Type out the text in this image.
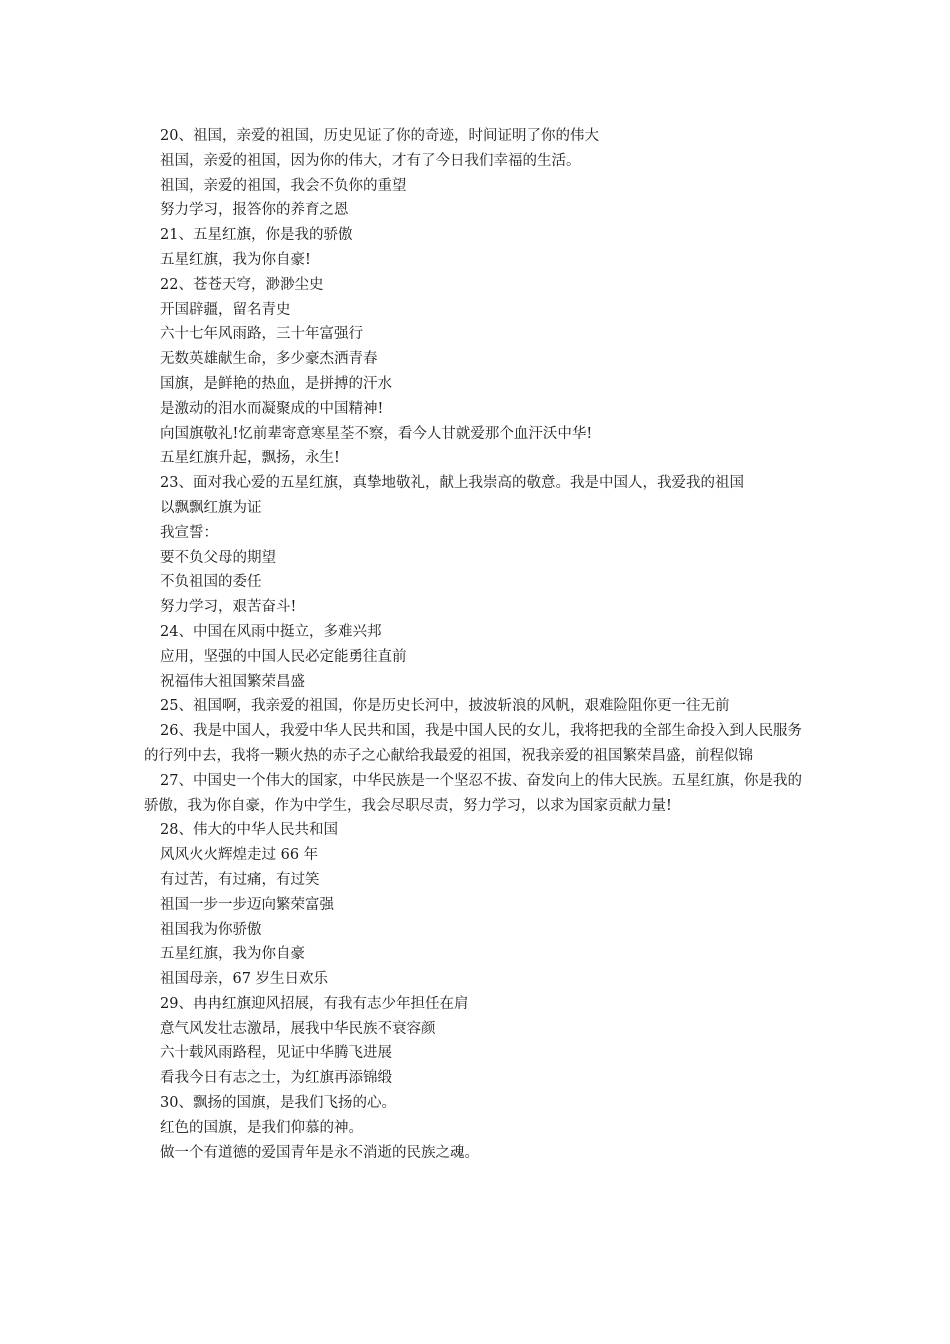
20、祖国，亲爱的祖国，历史见证了你的奇迹，时间证明了你的伟大

祖国，亲爱的祖国，因为你的伟大，才有了今日我们幸福的生活。

祖国，亲爱的祖国，我会不负你的重望

努力学习，报答你的养育之恩

21、五星红旗，你是我的骄傲

五星红旗，我为你自豪!

22、苍苍天穹，渺渺尘史

开国辟疆，留名青史

六十七年风雨路，三十年富强行

无数英雄献生命，多少豪杰洒青春

国旗，是鲜艳的热血，是拼搏的汗水

是激动的泪水而凝聚成的中国精神!

向国旗敬礼!忆前辈寄意寒星荃不察，看今人甘就爱那个血汗沃中华!

五星红旗升起，飘扬，永生!

23、面对我心爱的五星红旗，真挚地敬礼，献上我崇高的敬意。我是中国人，我爱我的祖国

以飘飘红旗为证

我宣誓：

要不负父母的期望

不负祖国的委任

努力学习，艰苦奋斗!

24、中国在风雨中挺立，多难兴邦

应用，坚强的中国人民必定能勇往直前

祝福伟大祖国繁荣昌盛

25、祖国啊，我亲爱的祖国，你是历史长河中，披波斩浪的风帆，艰难险阻你更一往无前

26、我是中国人，我爱中华人民共和国，我是中国人民的女儿，我将把我的全部生命投入到人民服务的行列中去，我将一颗火热的赤子之心献给我最爱的祖国，祝我亲爱的祖国繁荣昌盛，前程似锦

27、中国史一个伟大的国家，中华民族是一个坚忍不拔、奋发向上的伟大民族。五星红旗，你是我的骄傲，我为你自豪，作为中学生，我会尽职尽责，努力学习，以求为国家贡献力量!

28、伟大的中华人民共和国

风风火火辉煌走过 66 年

有过苦，有过痛，有过笑

祖国一步一步迈向繁荣富强

祖国我为你骄傲

五星红旗，我为你自豪

祖国母亲，67 岁生日欢乐

29、冉冉红旗迎风招展，有我有志少年担任在肩

意气风发壮志激昂，展我中华民族不衰容颜

六十载风雨路程，见证中华腾飞进展

看我今日有志之士，为红旗再添锦缎

30、飘扬的国旗，是我们飞扬的心。

红色的国旗，是我们仰慕的神。

做一个有道德的爱国青年是永不消逝的民族之魂。
